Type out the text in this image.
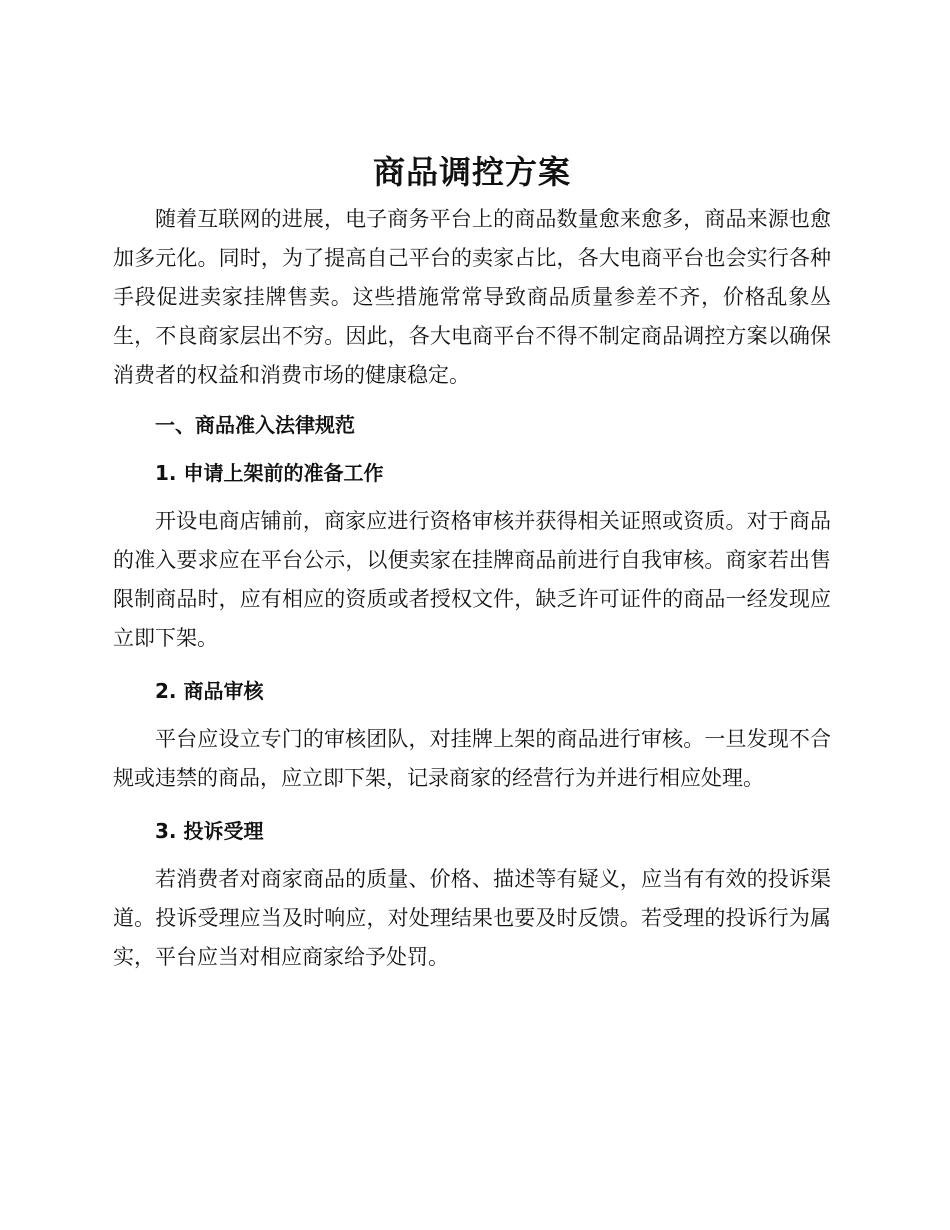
商品调控方案

随着互联网的进展，电子商务平台上的商品数量愈来愈多，商品来源也愈加多元化。同时，为了提高自己平台的卖家占比，各大电商平台也会实行各种手段促进卖家挂牌售卖。这些措施常常导致商品质量参差不齐，价格乱象丛生，不良商家层出不穷。因此，各大电商平台不得不制定商品调控方案以确保消费者的权益和消费市场的健康稳定。

一、商品准入法律规范
1. 申请上架前的准备工作

开设电商店铺前，商家应进行资格审核并获得相关证照或资质。对于商品的准入要求应在平台公示，以便卖家在挂牌商品前进行自我审核。商家若出售限制商品时，应有相应的资质或者授权文件，缺乏许可证件的商品一经发现应立即下架。

2. 商品审核

平台应设立专门的审核团队，对挂牌上架的商品进行审核。一旦发现不合规或违禁的商品，应立即下架，记录商家的经营行为并进行相应处理。

3. 投诉受理

若消费者对商家商品的质量、价格、描述等有疑义，应当有有效的投诉渠道。投诉受理应当及时响应，对处理结果也要及时反馈。若受理的投诉行为属实，平台应当对相应商家给予处罚。
